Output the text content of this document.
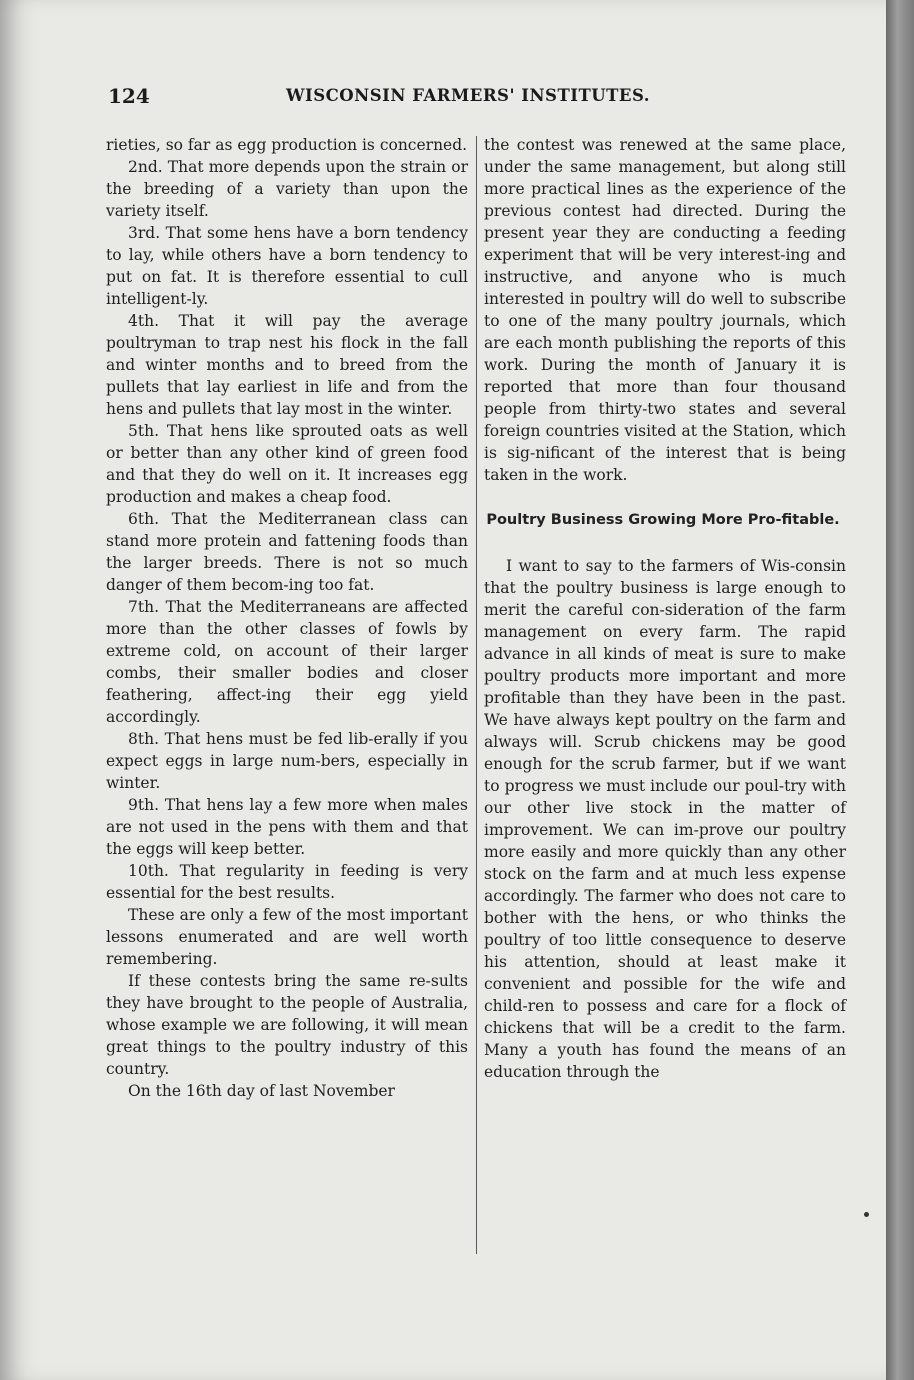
124	WISCONSIN FARMERS' INSTITUTES.

rieties, so far as egg production is concerned.

2nd. That more depends upon the strain or the breeding of a variety than upon the variety itself.

3rd. That some hens have a born tendency to lay, while others have a born tendency to put on fat. It is therefore essential to cull intelligent-ly.

4th. That it will pay the average poultryman to trap nest his flock in the fall and winter months and to breed from the pullets that lay earliest in life and from the hens and pullets that lay most in the winter.

5th. That hens like sprouted oats as well or better than any other kind of green food and that they do well on it. It increases egg production and makes a cheap food.

6th. That the Mediterranean class can stand more protein and fattening foods than the larger breeds. There is not so much danger of them becom-ing too fat.

7th. That the Mediterraneans are affected more than the other classes of fowls by extreme cold, on account of their larger combs, their smaller bodies and closer feathering, affect-ing their egg yield accordingly.

8th. That hens must be fed lib-erally if you expect eggs in large num-bers, especially in winter.

9th. That hens lay a few more when males are not used in the pens with them and that the eggs will keep better.

10th. That regularity in feeding is very essential for the best results.

These are only a few of the most important lessons enumerated and are well worth remembering.

If these contests bring the same re-sults they have brought to the people of Australia, whose example we are following, it will mean great things to the poultry industry of this country.

On the 16th day of last November

the contest was renewed at the same place, under the same management, but along still more practical lines as the experience of the previous contest had directed. During the present year they are conducting a feeding experiment that will be very interest-ing and instructive, and anyone who is much interested in poultry will do well to subscribe to one of the many poultry journals, which are each month publishing the reports of this work. During the month of January it is reported that more than four thousand people from thirty-two states and several foreign countries visited at the Station, which is sig-nificant of the interest that is being taken in the work.

Poultry Business Growing More Pro-fitable.

I want to say to the farmers of Wis-consin that the poultry business is large enough to merit the careful con-sideration of the farm management on every farm. The rapid advance in all kinds of meat is sure to make poultry products more important and more profitable than they have been in the past. We have always kept poultry on the farm and always will. Scrub chickens may be good enough for the scrub farmer, but if we want to progress we must include our poul-try with our other live stock in the matter of improvement. We can im-prove our poultry more easily and more quickly than any other stock on the farm and at much less expense accordingly. The farmer who does not care to bother with the hens, or who thinks the poultry of too little consequence to deserve his attention, should at least make it convenient and possible for the wife and child-ren to possess and care for a flock of chickens that will be a credit to the farm. Many a youth has found the means of an education through the
